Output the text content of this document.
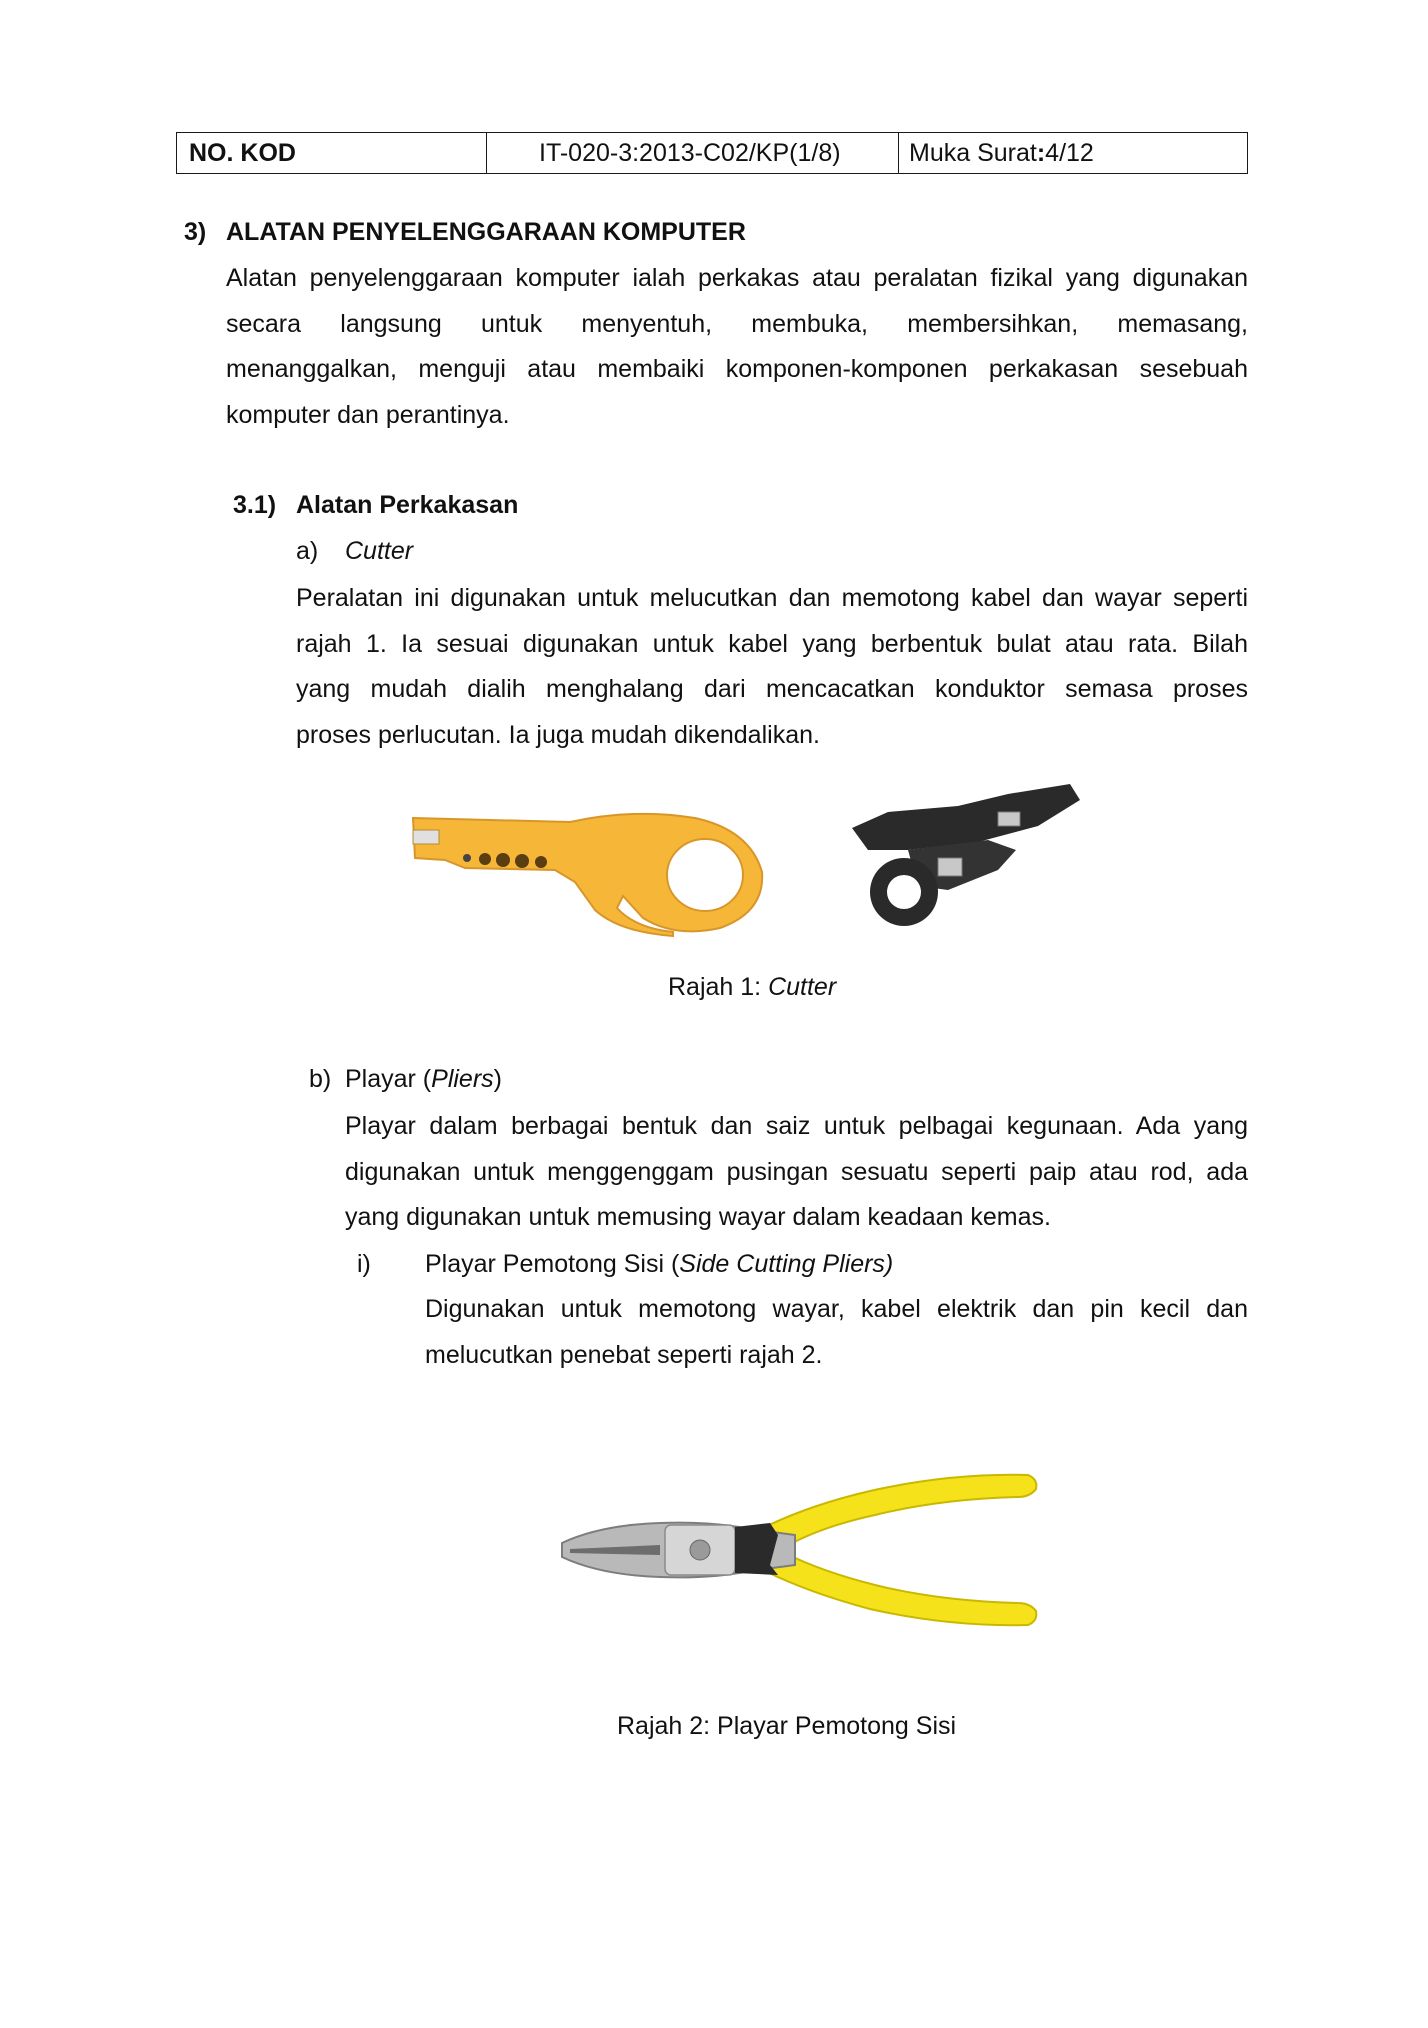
NO. KOD	IT-020-3:2013-C02/KP(1/8)	Muka Surat : 4/12
3) ALATAN PENYELENGGARAAN KOMPUTER
Alatan penyelenggaraan komputer ialah perkakas atau peralatan fizikal yang digunakan
secara langsung untuk menyentuh, membuka, membersihkan, memasang,
menanggalkan, menguji atau membaiki komponen-komponen perkakasan sesebuah
komputer dan perantinya.
3.1) Alatan Perkakasan
a) Cutter
Peralatan ini digunakan untuk melucutkan dan memotong kabel dan wayar seperti
rajah 1. Ia sesuai digunakan untuk kabel yang berbentuk bulat atau rata. Bilah
yang mudah dialih menghalang dari mencacatkan konduktor semasa proses
proses perlucutan. Ia juga mudah dikendalikan.
Rajah 1: Cutter
b) Playar (Pliers)
Playar dalam berbagai bentuk dan saiz untuk pelbagai kegunaan. Ada yang
digunakan untuk menggenggam pusingan sesuatu seperti paip atau rod, ada
yang digunakan untuk memusing wayar dalam keadaan kemas.
i) Playar Pemotong Sisi (Side Cutting Pliers)
Digunakan untuk memotong wayar, kabel elektrik dan pin kecil dan
melucutkan penebat seperti rajah 2.
Rajah 2: Playar Pemotong Sisi
